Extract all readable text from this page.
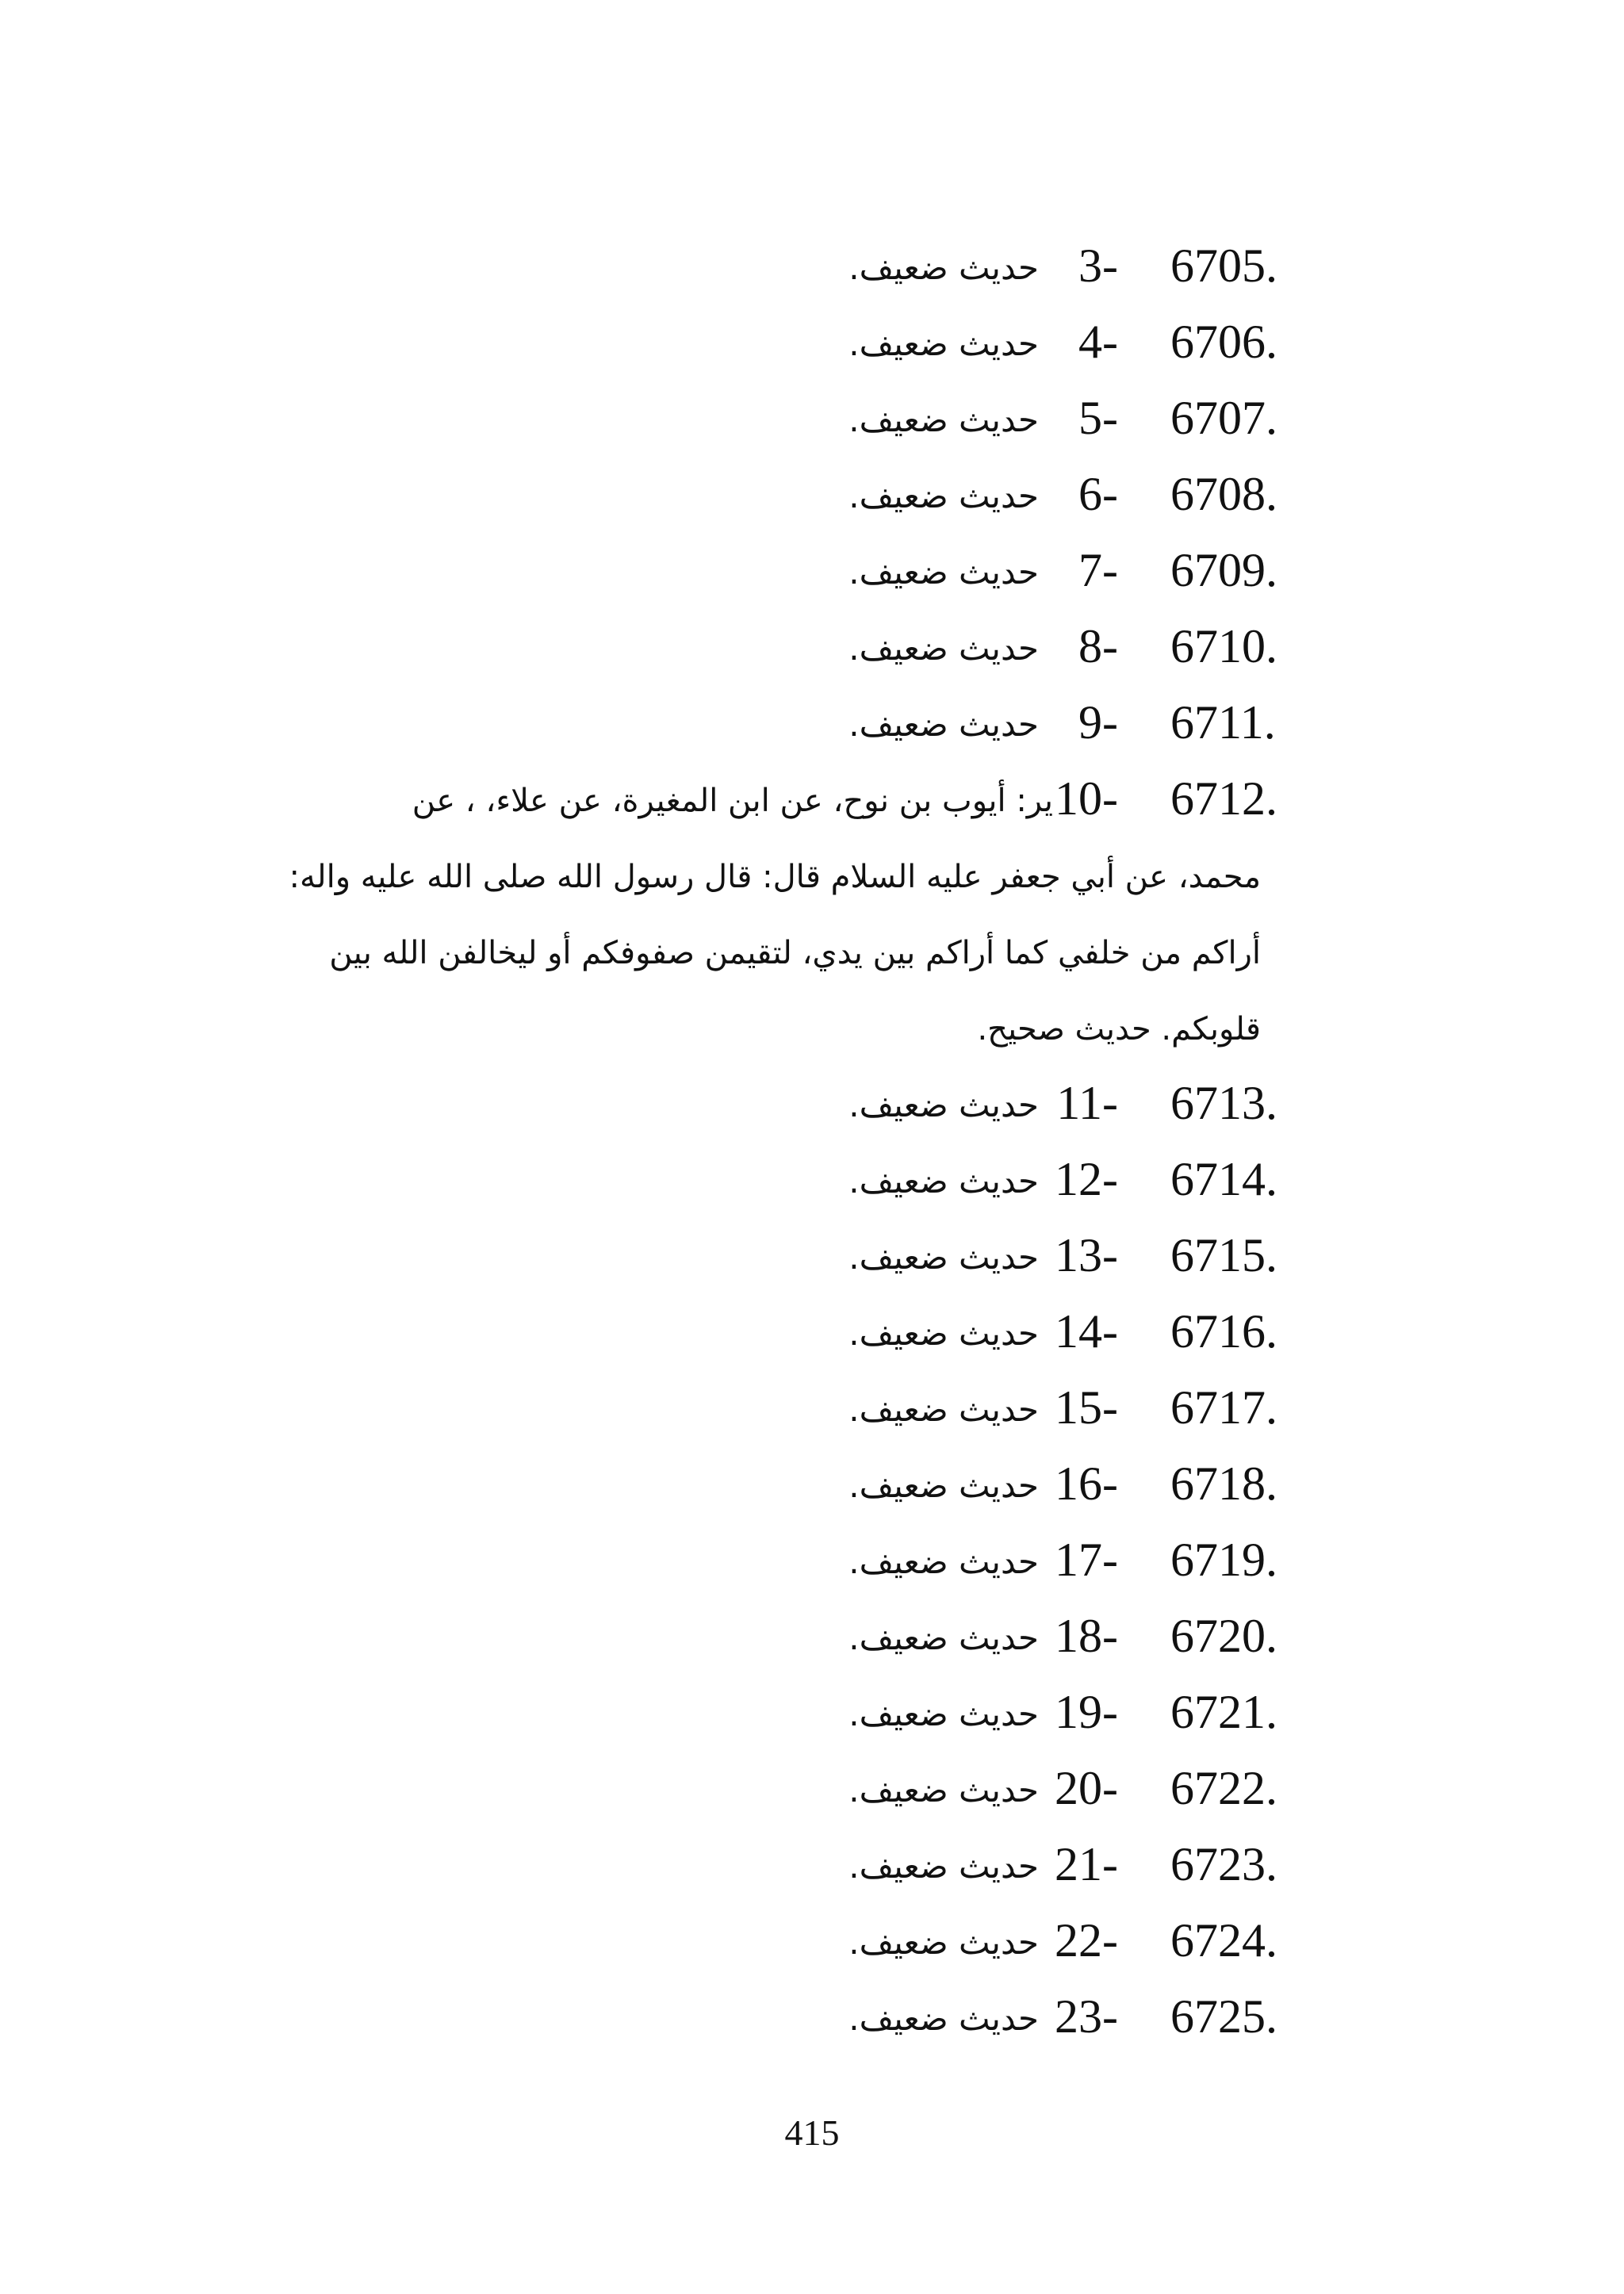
6705.
3-
حديث ضعيف.
6706.
4-
حديث ضعيف.
6707.
5-
حديث ضعيف.
6708.
6-
حديث ضعيف.
6709.
7-
حديث ضعيف.
6710.
8-
حديث ضعيف.
6711.
9-
حديث ضعيف.
6712.
10-
ير: أيوب بن نوح، عن ابن المغيرة، عن علاء، ، عن
محمد، عن أبي جعفر عليه السلام قال: قال رسول الله صلى الله عليه واله:
أراكم من خلفي كما أراكم بين يدي، لتقيمن صفوفكم أو ليخالفن الله بين
قلوبكم. حديث صحيح.
6713.
11-
حديث ضعيف.
6714.
12-
حديث ضعيف.
6715.
13-
حديث ضعيف.
6716.
14-
حديث ضعيف.
6717.
15-
حديث ضعيف.
6718.
16-
حديث ضعيف.
6719.
17-
حديث ضعيف.
6720.
18-
حديث ضعيف.
6721.
19-
حديث ضعيف.
6722.
20-
حديث ضعيف.
6723.
21-
حديث ضعيف.
6724.
22-
حديث ضعيف.
6725.
23-
حديث ضعيف.
415
